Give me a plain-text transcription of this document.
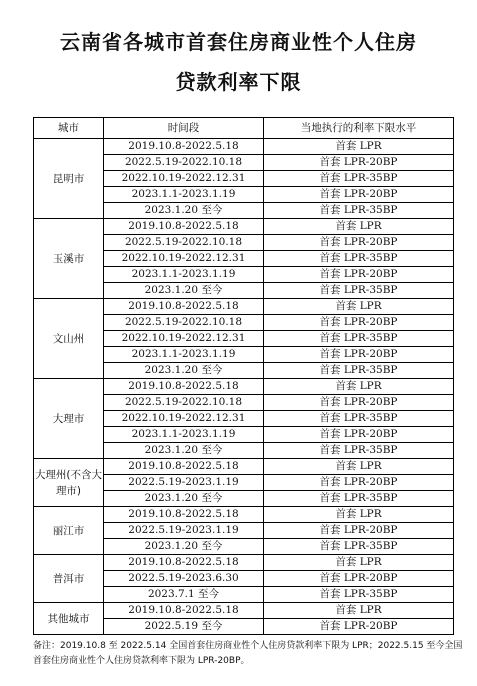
云南省各城市首套住房商业性个人住房
贷款利率下限
城市	时间段	当地执行的利率下限水平
昆明市	2019.10.8-2022.5.18	首套 LPR
	2022.5.19-2022.10.18	首套 LPR-20BP
	2022.10.19-2022.12.31	首套 LPR-35BP
	2023.1.1-2023.1.19	首套 LPR-20BP
	2023.1.20 至今	首套 LPR-35BP
玉溪市	2019.10.8-2022.5.18	首套 LPR
	2022.5.19-2022.10.18	首套 LPR-20BP
	2022.10.19-2022.12.31	首套 LPR-35BP
	2023.1.1-2023.1.19	首套 LPR-20BP
	2023.1.20 至今	首套 LPR-35BP
文山州	2019.10.8-2022.5.18	首套 LPR
	2022.5.19-2022.10.18	首套 LPR-20BP
	2022.10.19-2022.12.31	首套 LPR-35BP
	2023.1.1-2023.1.19	首套 LPR-20BP
	2023.1.20 至今	首套 LPR-35BP
大理市	2019.10.8-2022.5.18	首套 LPR
	2022.5.19-2022.10.18	首套 LPR-20BP
	2022.10.19-2022.12.31	首套 LPR-35BP
	2023.1.1-2023.1.19	首套 LPR-20BP
	2023.1.20 至今	首套 LPR-35BP
大理州(不含大理市)	2019.10.8-2022.5.18	首套 LPR
	2022.5.19-2023.1.19	首套 LPR-20BP
	2023.1.20 至今	首套 LPR-35BP
丽江市	2019.10.8-2022.5.18	首套 LPR
	2022.5.19-2023.1.19	首套 LPR-20BP
	2023.1.20 至今	首套 LPR-35BP
普洱市	2019.10.8-2022.5.18	首套 LPR
	2022.5.19-2023.6.30	首套 LPR-20BP
	2023.7.1 至今	首套 LPR-35BP
其他城市	2019.10.8-2022.5.18	首套 LPR
	2022.5.19 至今	首套 LPR-20BP
备注：2019.10.8 至 2022.5.14 全国首套住房商业性个人住房贷款利率下限为 LPR；2022.5.15 至今全国首套住房商业性个人住房贷款利率下限为 LPR-20BP。
